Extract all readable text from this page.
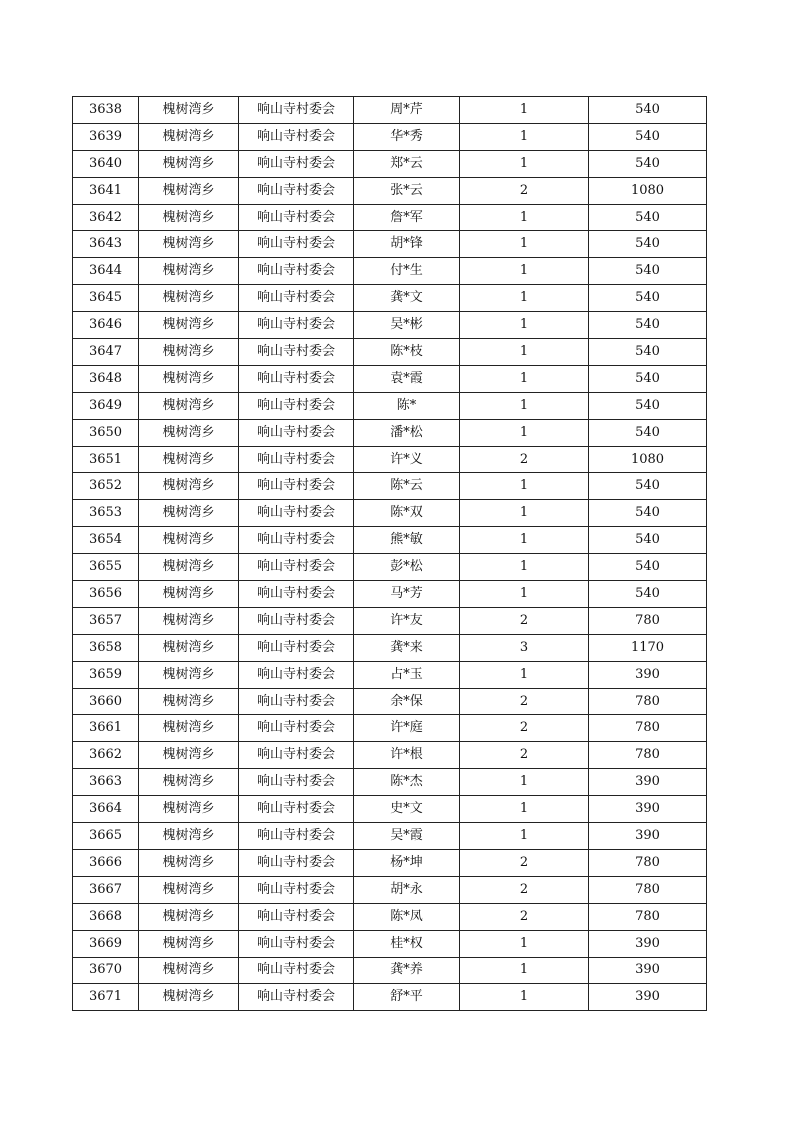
3638	槐树湾乡	响山寺村委会	周*芹	1	540
3639	槐树湾乡	响山寺村委会	华*秀	1	540
3640	槐树湾乡	响山寺村委会	郑*云	1	540
3641	槐树湾乡	响山寺村委会	张*云	2	1080
3642	槐树湾乡	响山寺村委会	詹*军	1	540
3643	槐树湾乡	响山寺村委会	胡*锋	1	540
3644	槐树湾乡	响山寺村委会	付*生	1	540
3645	槐树湾乡	响山寺村委会	龚*文	1	540
3646	槐树湾乡	响山寺村委会	吴*彬	1	540
3647	槐树湾乡	响山寺村委会	陈*枝	1	540
3648	槐树湾乡	响山寺村委会	袁*霞	1	540
3649	槐树湾乡	响山寺村委会	陈*	1	540
3650	槐树湾乡	响山寺村委会	潘*松	1	540
3651	槐树湾乡	响山寺村委会	许*义	2	1080
3652	槐树湾乡	响山寺村委会	陈*云	1	540
3653	槐树湾乡	响山寺村委会	陈*双	1	540
3654	槐树湾乡	响山寺村委会	熊*敏	1	540
3655	槐树湾乡	响山寺村委会	彭*松	1	540
3656	槐树湾乡	响山寺村委会	马*芳	1	540
3657	槐树湾乡	响山寺村委会	许*友	2	780
3658	槐树湾乡	响山寺村委会	龚*来	3	1170
3659	槐树湾乡	响山寺村委会	占*玉	1	390
3660	槐树湾乡	响山寺村委会	余*保	2	780
3661	槐树湾乡	响山寺村委会	许*庭	2	780
3662	槐树湾乡	响山寺村委会	许*根	2	780
3663	槐树湾乡	响山寺村委会	陈*杰	1	390
3664	槐树湾乡	响山寺村委会	史*文	1	390
3665	槐树湾乡	响山寺村委会	吴*霞	1	390
3666	槐树湾乡	响山寺村委会	杨*坤	2	780
3667	槐树湾乡	响山寺村委会	胡*永	2	780
3668	槐树湾乡	响山寺村委会	陈*凤	2	780
3669	槐树湾乡	响山寺村委会	桂*权	1	390
3670	槐树湾乡	响山寺村委会	龚*养	1	390
3671	槐树湾乡	响山寺村委会	舒*平	1	390
